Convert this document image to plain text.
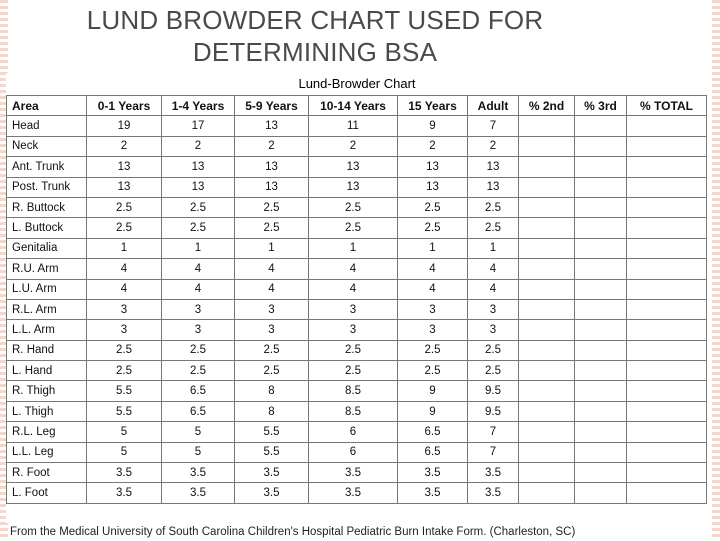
LUND BROWDER CHART USED FOR
DETERMINING BSA
Lund-Browder Chart
Area	0-1 Years	1-4 Years	5-9 Years	10-14 Years	15 Years	Adult	% 2nd	% 3rd	% TOTAL
Head	19	17	13	11	9	7			
Neck	2	2	2	2	2	2			
Ant. Trunk	13	13	13	13	13	13			
Post. Trunk	13	13	13	13	13	13			
R. Buttock	2.5	2.5	2.5	2.5	2.5	2.5			
L. Buttock	2.5	2.5	2.5	2.5	2.5	2.5			
Genitalia	1	1	1	1	1	1			
R.U. Arm	4	4	4	4	4	4			
L.U. Arm	4	4	4	4	4	4			
R.L. Arm	3	3	3	3	3	3			
L.L. Arm	3	3	3	3	3	3			
R. Hand	2.5	2.5	2.5	2.5	2.5	2.5			
L. Hand	2.5	2.5	2.5	2.5	2.5	2.5			
R. Thigh	5.5	6.5	8	8.5	9	9.5			
L. Thigh	5.5	6.5	8	8.5	9	9.5			
R.L. Leg	5	5	5.5	6	6.5	7			
L.L. Leg	5	5	5.5	6	6.5	7			
R. Foot	3.5	3.5	3.5	3.5	3.5	3.5			
L. Foot	3.5	3.5	3.5	3.5	3.5	3.5			
From the Medical University of South Carolina Children's Hospital Pediatric Burn Intake Form. (Charleston, SC)
